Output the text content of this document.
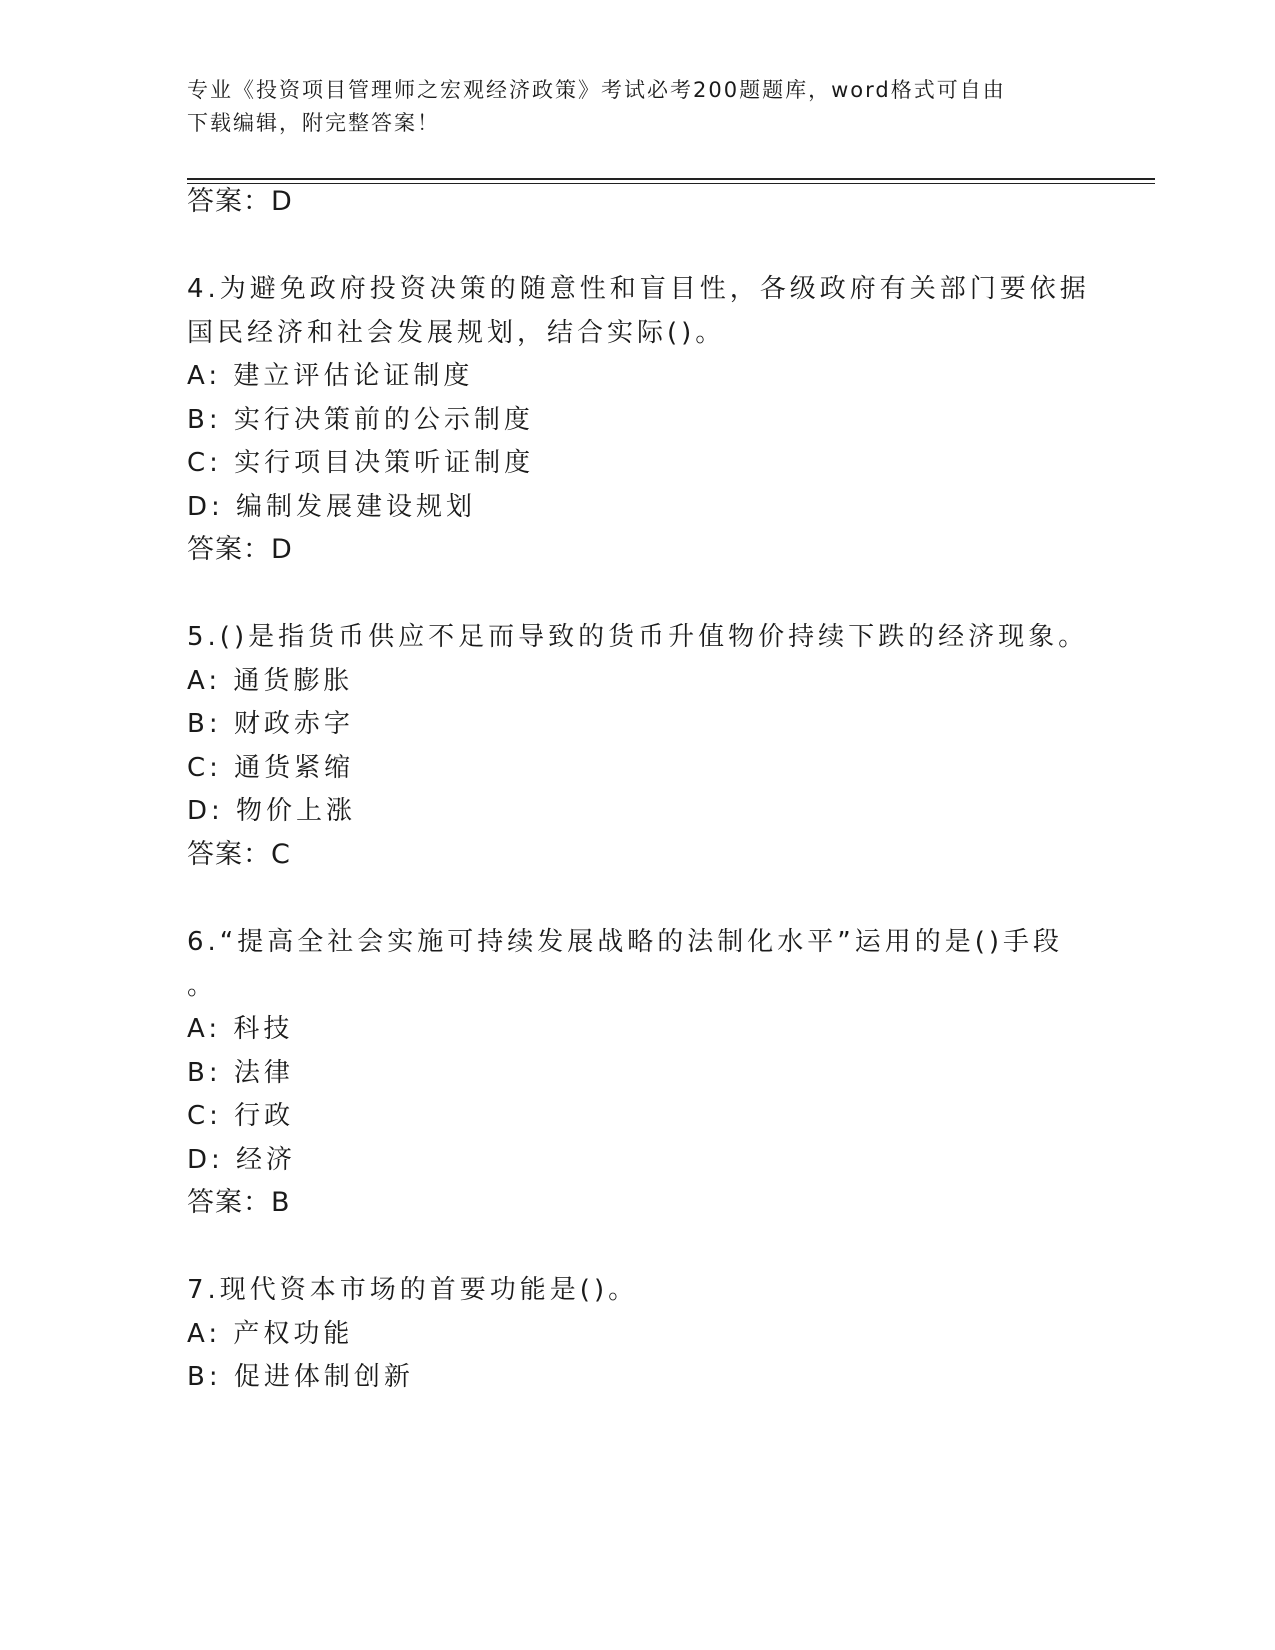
专业《投资项目管理师之宏观经济政策》考试必考200题题库，word格式可自由
下载编辑，附完整答案！
答案：D
4.为避免政府投资决策的随意性和盲目性，各级政府有关部门要依据
国民经济和社会发展规划，结合实际()。
A: 建立评估论证制度
B: 实行决策前的公示制度
C: 实行项目决策听证制度
D: 编制发展建设规划
答案：D
5.()是指货币供应不足而导致的货币升值物价持续下跌的经济现象。
A: 通货膨胀
B: 财政赤字
C: 通货紧缩
D: 物价上涨
答案：C
6.“提高全社会实施可持续发展战略的法制化水平”运用的是()手段
。
A: 科技
B: 法律
C: 行政
D: 经济
答案：B
7.现代资本市场的首要功能是()。
A: 产权功能
B: 促进体制创新
